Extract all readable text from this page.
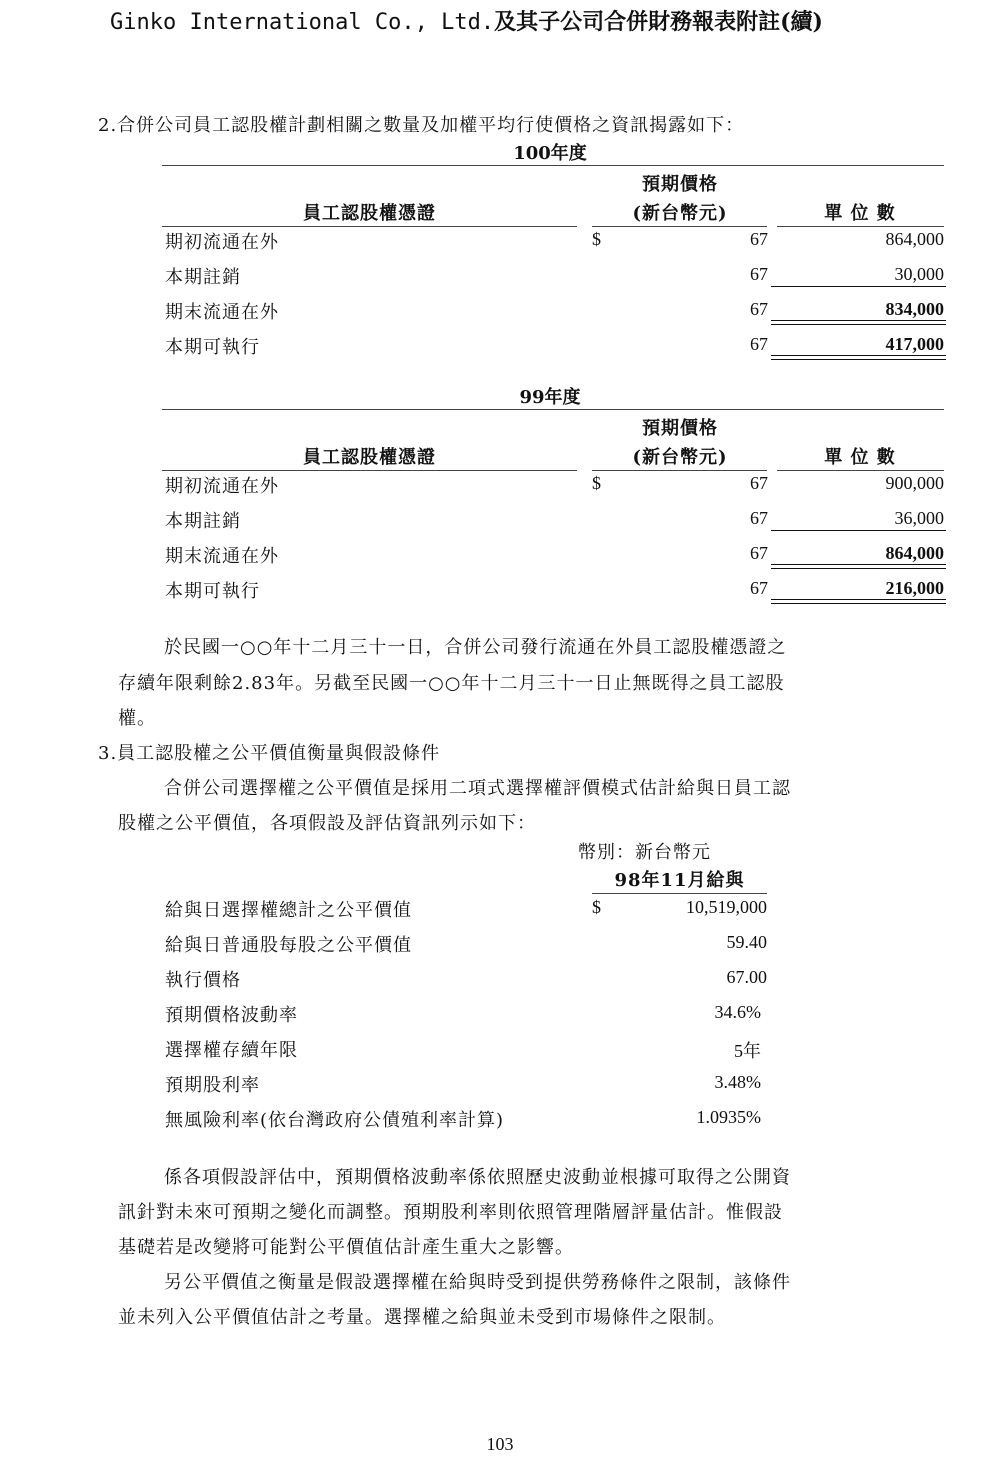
Ginko International Co., Ltd.及其子公司合併財務報表附註(續)
2.合併公司員工認股權計劃相關之數量及加權平均行使價格之資訊揭露如下：
100年度
預期價格
員工認股權憑證	(新台幣元)	單 位 數
期初流通在外	$	67	864,000
本期註銷	67	30,000
期末流通在外	67	834,000
本期可執行	67	417,000
99年度
預期價格
員工認股權憑證	(新台幣元)	單 位 數
期初流通在外	$	67	900,000
本期註銷	67	36,000
期末流通在外	67	864,000
本期可執行	67	216,000
於民國一○○年十二月三十一日，合併公司發行流通在外員工認股權憑證之
存續年限剩餘2.83年。另截至民國一○○年十二月三十一日止無既得之員工認股
權。
3.員工認股權之公平價值衡量與假設條件
合併公司選擇權之公平價值是採用二項式選擇權評價模式估計給與日員工認
股權之公平價值，各項假設及評估資訊列示如下：
幣別：新台幣元
98年11月給與
給與日選擇權總計之公平價值	$	10,519,000
給與日普通股每股之公平價值	59.40
執行價格	67.00
預期價格波動率	34.6%
選擇權存續年限	5年
預期股利率	3.48%
無風險利率(依台灣政府公債殖利率計算)	1.0935%
係各項假設評估中，預期價格波動率係依照歷史波動並根據可取得之公開資
訊針對未來可預期之變化而調整。預期股利率則依照管理階層評量估計。惟假設
基礎若是改變將可能對公平價值估計產生重大之影響。
另公平價值之衡量是假設選擇權在給與時受到提供勞務條件之限制，該條件
並未列入公平價值估計之考量。選擇權之給與並未受到市場條件之限制。
103
